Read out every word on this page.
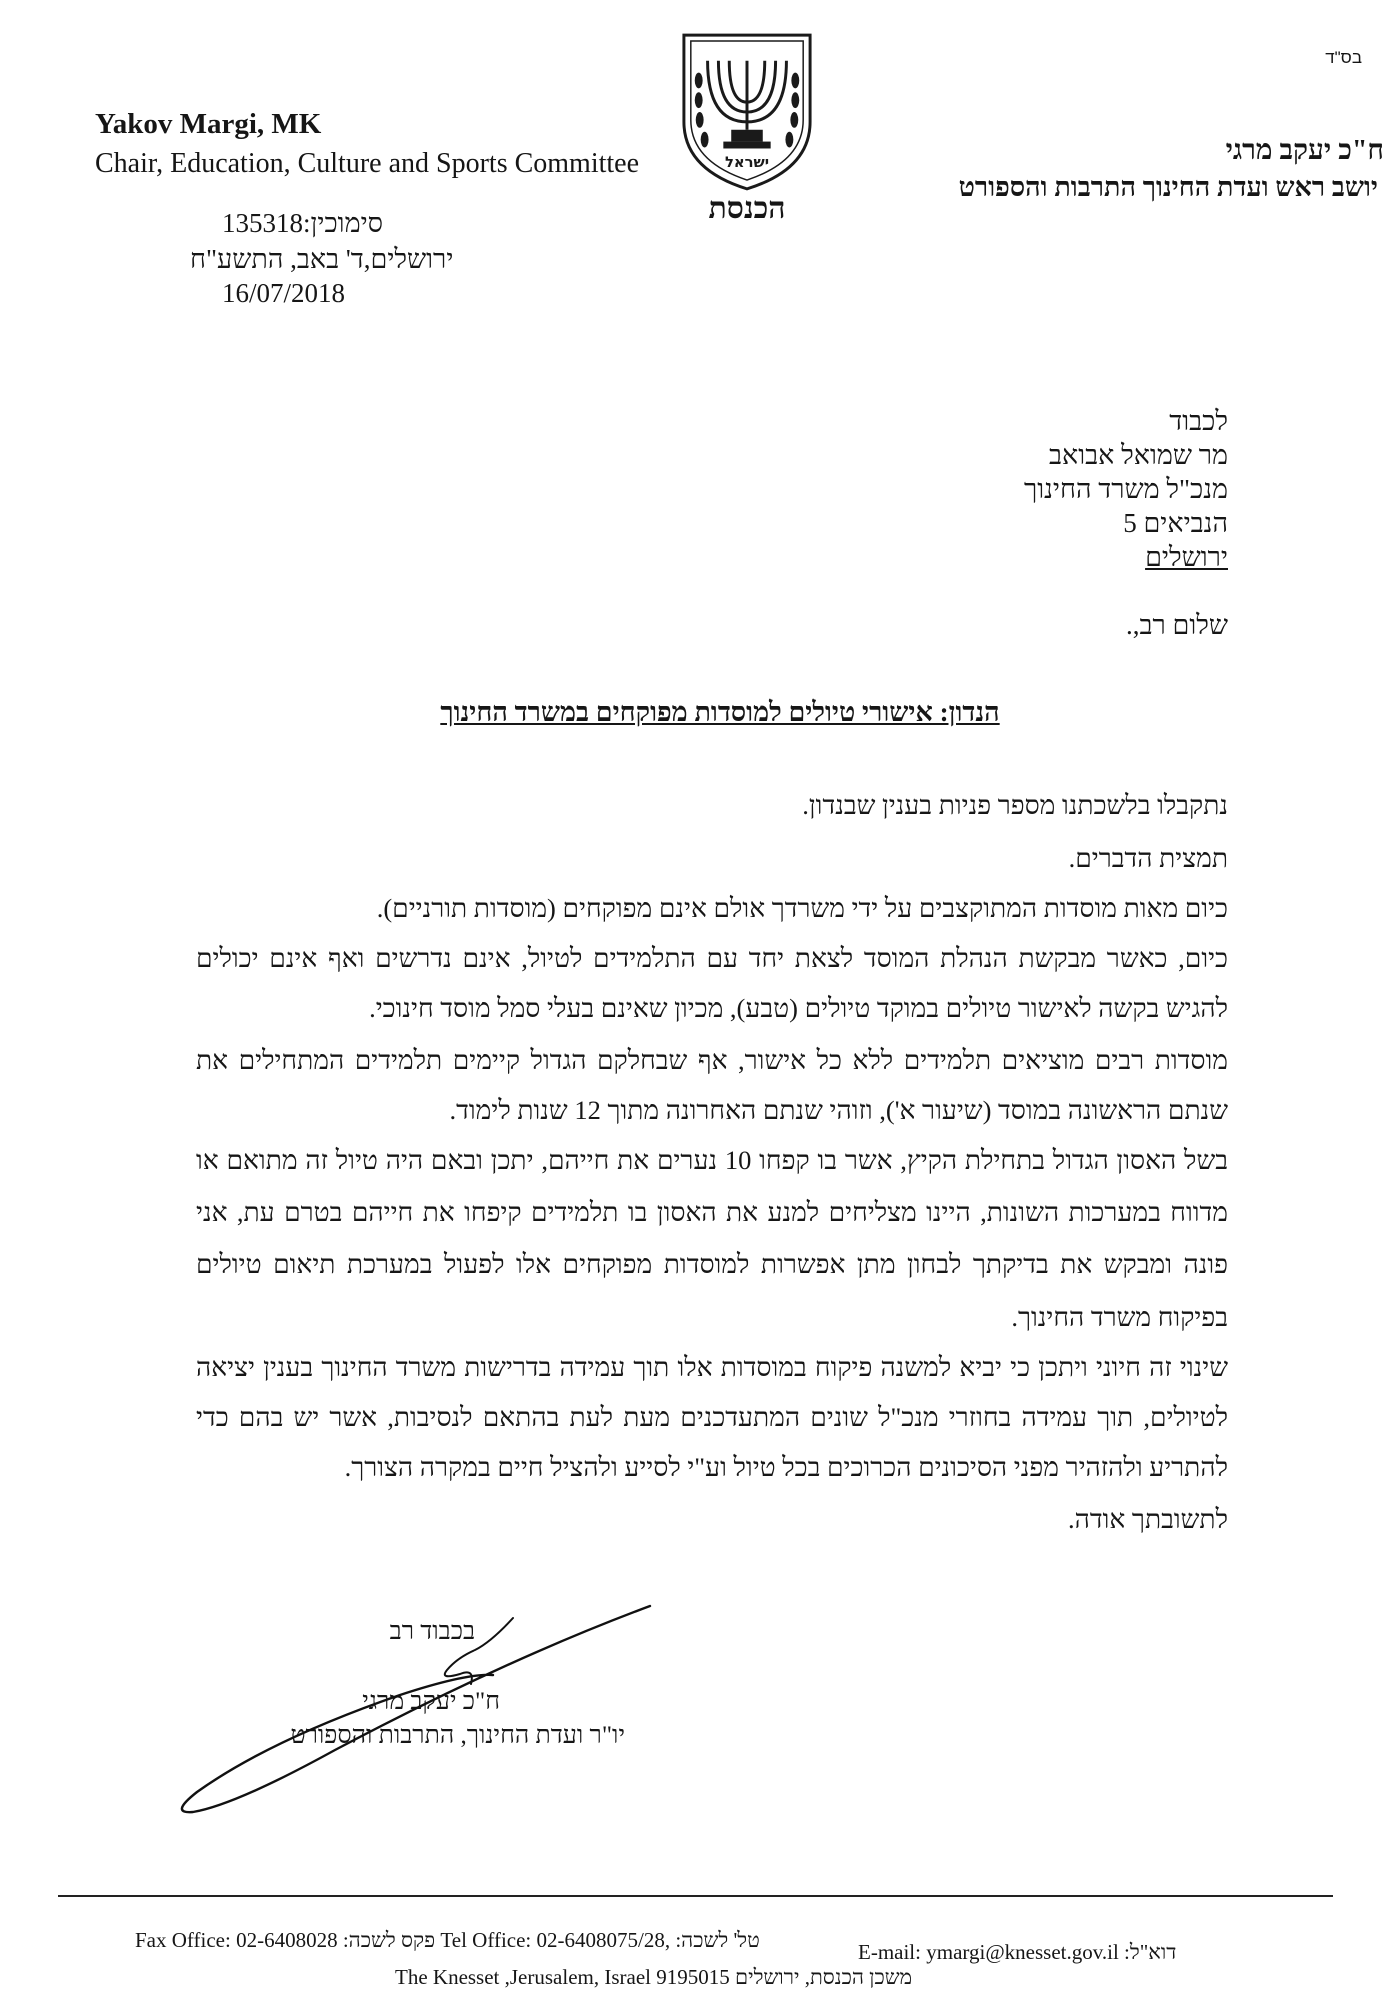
בס"ד
Yakov Margi, MK
Chair, Education, Culture and Sports Committee	ישראל
הכנסת
ח"כ יעקב מרגי
יושב ראש ועדת החינוך התרבות והספורט
135318:סימוכין
ירושלים,ד' באב, התשע"ח
16/07/2018
לכבוד
מר שמואל אבואב
מנכ"ל משרד החינוך
הנביאים 5
ירושלים
שלום רב,.
הנדון: אישורי טיולים למוסדות מפוקחים במשרד החינוך
נתקבלו בלשכתנו מספר פניות בענין שבנדון.
תמצית הדברים.
כיום מאות מוסדות המתוקצבים על ידי משרדך אולם אינם מפוקחים (מוסדות תורניים).
כיום, כאשר מבקשת הנהלת המוסד לצאת יחד עם התלמידים לטיול, אינם נדרשים ואף אינם יכולים
להגיש בקשה לאישור טיולים במוקד טיולים (טבע), מכיון שאינם בעלי סמל מוסד חינוכי.
מוסדות רבים מוציאים תלמידים ללא כל אישור, אף שבחלקם הגדול קיימים תלמידים המתחילים את
שנתם הראשונה במוסד (שיעור א'), וזוהי שנתם האחרונה מתוך 12 שנות לימוד.
בשל האסון הגדול בתחילת הקיץ, אשר בו קפחו 10 נערים את חייהם, יתכן ובאם היה טיול זה מתואם או
מדווח במערכות השונות, היינו מצליחים למנע את האסון בו תלמידים קיפחו את חייהם בטרם עת, אני
פונה ומבקש את בדיקתך לבחון מתן אפשרות למוסדות מפוקחים אלו לפעול במערכת תיאום טיולים
בפיקוח משרד החינוך.
שינוי זה חיוני ויתכן כי יביא למשנה פיקוח במוסדות אלו תוך עמידה בדרישות משרד החינוך בענין יציאה
לטיולים, תוך עמידה בחוזרי מנכ"ל שונים המתעדכנים מעת לעת בהתאם לנסיבות, אשר יש בהם כדי
להתריע ולהזהיר מפני הסיכונים הכרוכים בכל טיול וע"י לסייע ולהציל חיים במקרה הצורך.
לתשובתך אודה.
בכבוד רב
ח"כ יעקב מרגי
יו"ר ועדת החינוך, התרבות והספורט
Fax Office: 02-6408028 :פקס לשכה Tel Office: 02-6408075/28, :טל' לשכה	E-mail: ymargi@knesset.gov.il :דוא"ל
The Knesset ,Jerusalem, Israel 9195015 משכן הכנסת, ירושלים
